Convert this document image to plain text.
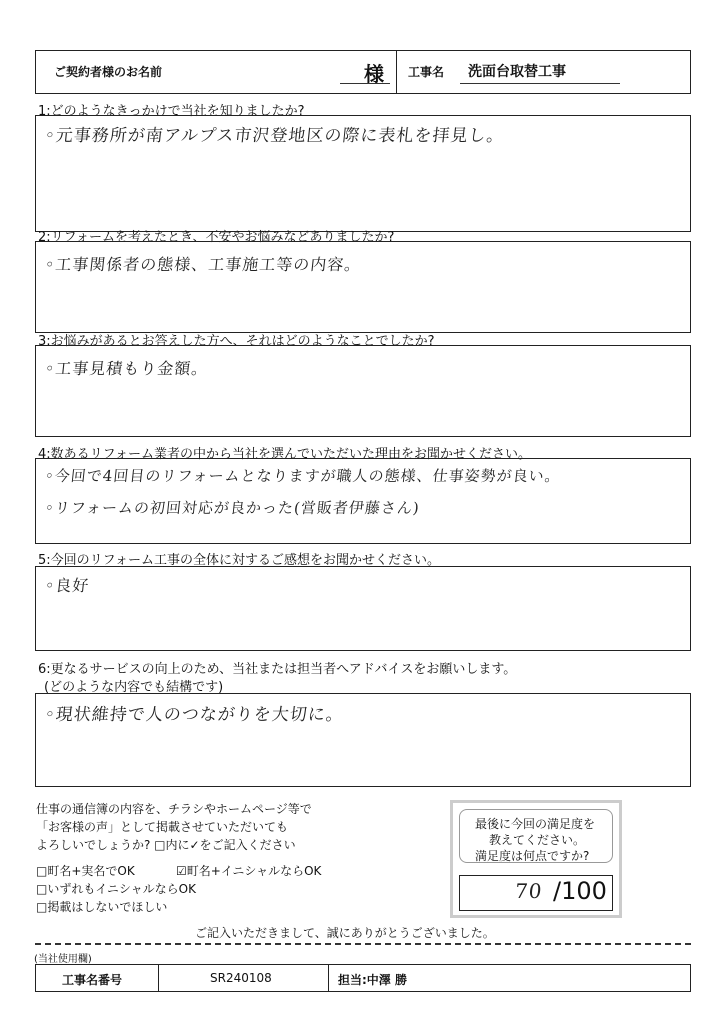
ご契約者様のお名前	様 工事名 洗面台取替工事
1:どのようなきっかけで当社を知りましたか?
◦元事務所が南アルプス市沢登地区の際に表札を拝見し。
2:リフォームを考えたとき、不安やお悩みなどありましたか?
◦工事関係者の態様、工事施工等の内容。
3:お悩みがあるとお答えした方へ、それはどのようなことでしたか?
◦工事見積もり金額。
4:数あるリフォーム業者の中から当社を選んでいただいた理由をお聞かせください。
◦今回で4回目のリフォームとなりますが職人の態様、仕事姿勢が良い。
◦リフォームの初回対応が良かった(営販者伊藤さん)
5:今回のリフォーム工事の全体に対するご感想をお聞かせください。
◦良好
6:更なるサービスの向上のため、当社または担当者へアドバイスをお願いします。
(どのような内容でも結構です)
◦現状維持で人のつながりを大切に。
仕事の通信簿の内容を、チラシやホームページ等で
「お客様の声」として掲載させていただいても
よろしいでしょうか? □内に✓をご記入ください
□町名+実名でOK	☑町名+イニシャルならOK
□いずれもイニシャルならOK
□掲載はしないでほしい
最後に今回の満足度を
教えてください。
満足度は何点ですか?
70 /100
ご記入いただきまして、誠にありがとうございました。
(当社使用欄)
工事名番号	SR240108	担当:中澤 勝
